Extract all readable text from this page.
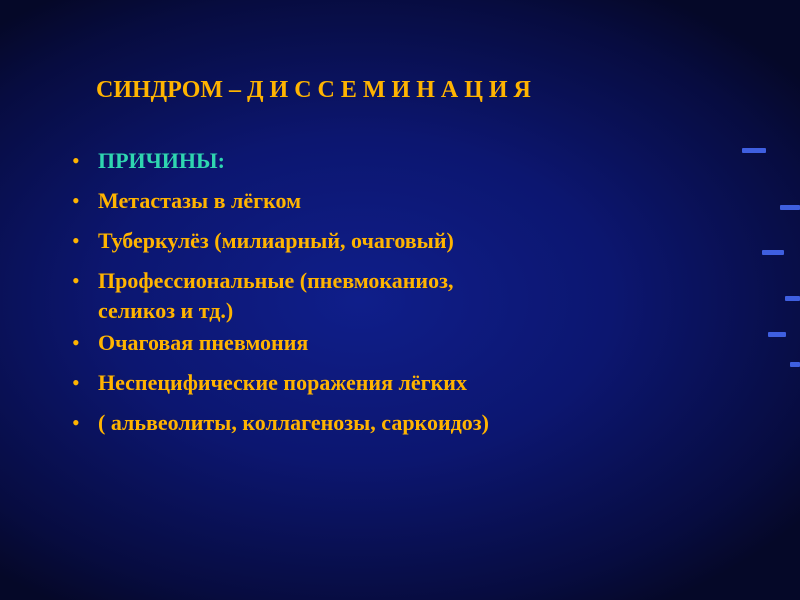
СИНДРОМ – Д И С С Е М И Н А Ц И Я
• ПРИЧИНЫ:
• Метастазы в лёгком
• Туберкулёз (милиарный, очаговый)
• Профессиональные (пневмоканиоз,
селикоз и тд.)
• Очаговая пневмония
• Неспецифические поражения лёгких
• ( альвеолиты, коллагенозы, саркоидоз)
